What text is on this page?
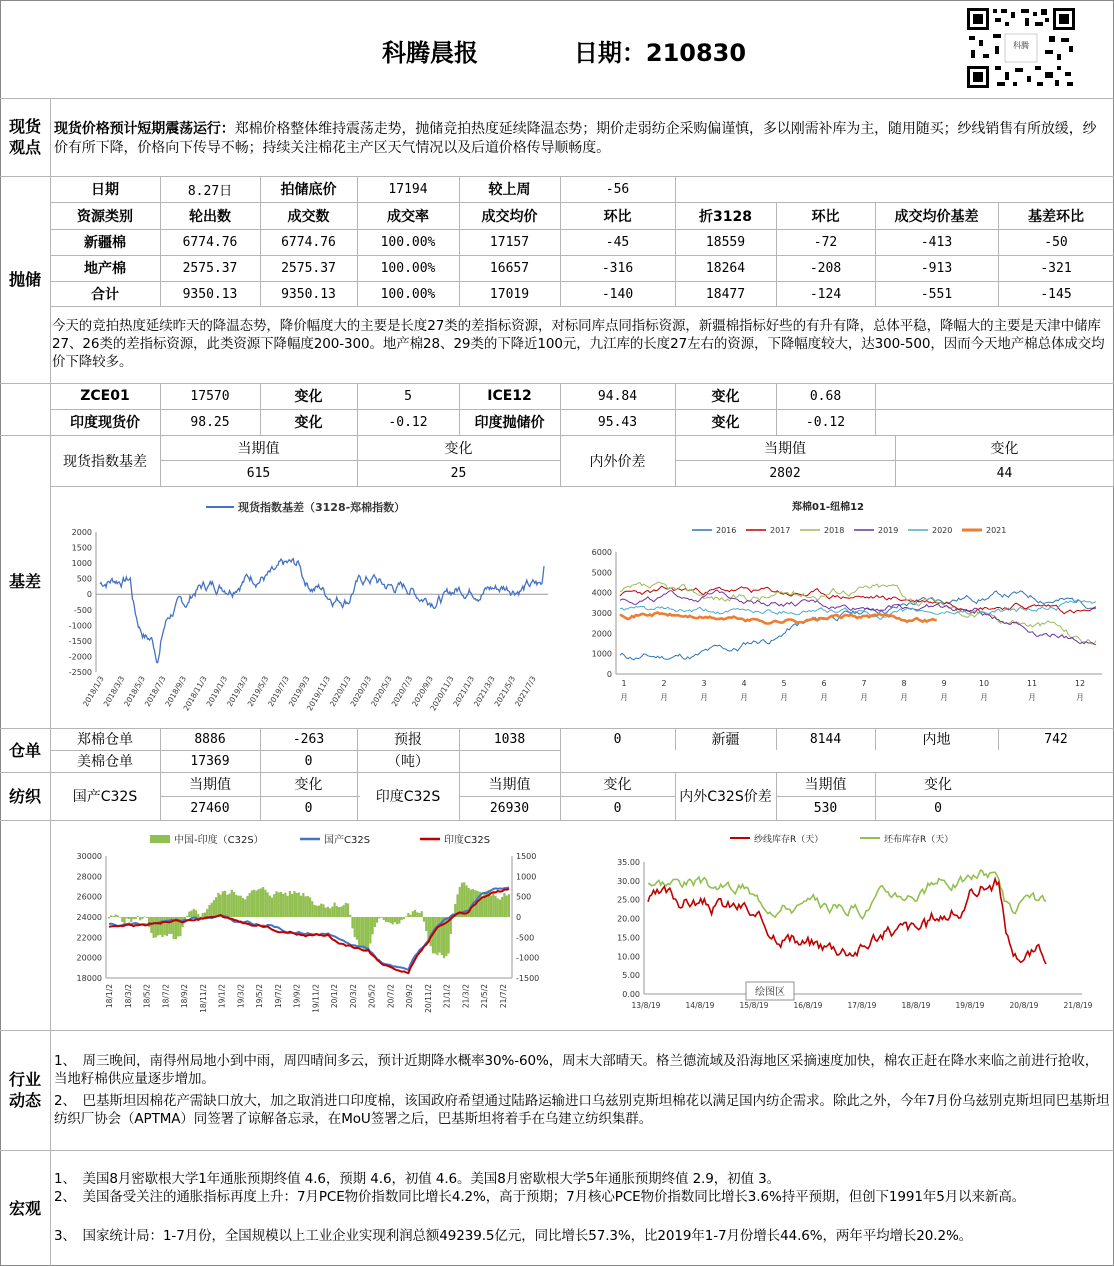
科腾晨报	日期：210830	科腾
现货
观点
现货价格预计短期震荡运行：郑棉价格整体维持震荡走势，抛储竞拍热度延续降温态势；期价走弱纺企采购偏谨慎，多以刚需补库为主，随用随买；纱线销售有所放缓，纱价有所下降，价格向下传导不畅；持续关注棉花主产区天气情况以及后道价格传导顺畅度。
抛储
日期	8.27日	拍储底价	17194	较上周	-56
资源类别	轮出数	成交数	成交率	成交均价	环比	折3128	环比	成交均价基差	基差环比
新疆棉	6774.76	6774.76	100.00%	17157	-45	18559	-72	-413	-50
地产棉	2575.37	2575.37	100.00%	16657	-316	18264	-208	-913	-321
合计	9350.13	9350.13	100.00%	17019	-140	18477	-124	-551	-145
今天的竞拍热度延续昨天的降温态势，降价幅度大的主要是长度27类的差指标资源，对标同库点同指标资源，新疆棉指标好些的有升有降，总体平稳，降幅大的主要是天津中储库27、26类的差指标资源，此类资源下降幅度200-300。地产棉28、29类的下降近100元，九江库的长度27左右的资源，下降幅度较大，达300-500，因而今天地产棉总体成交均价下降较多。
ZCE01	17570	变化	5	ICE12	94.84	变化	0.68
印度现货价	98.25	变化	-0.12	印度抛储价	95.43	变化	-0.12
基差
现货指数基差
当期值	变化
615	25
内外价差
当期值	变化
2802	44
现货指数基差（3128-郑棉指数）
2000
1500
1000
500
0
-500
-1000
-1500
-2000
-2500
2018/1/3
2018/3/3
2018/5/3
2018/7/3
2018/9/3
2018/11/3
2019/1/3
2019/3/3
2019/5/3
2019/7/3
2019/9/3
2019/11/3
2020/1/3
2020/3/3
2020/5/3
2020/7/3
2020/9/3
2020/11/3
2021/1/3
2021/3/3
2021/5/3
2021/7/3
郑棉01-纽棉12
2016	2017	2018	2019	2020	2021
6000
5000
4000
3000
2000
1000
0
1
月
2
月
3
月
4
月
5
月
6
月
7
月
8
月
9
月
10
月
11
月
12
月
仓单
郑棉仓单	8886	-263	预报	1038	0	新疆	8144	内地	742
美棉仓单	17369	0	（吨）
纺织	国产C32S
当期值	变化
27460	0
印度C32S
当期值	变化
26930	0
内外C32S价差
当期值	变化
530	0
中国-印度（C32S）	国产C32S	印度C32S
30000
28000
26000
24000
22000
20000
18000
1500
1000
500
0
-500
-1000
-1500
18/1/2 18/3/2 18/5/2 18/7/2 18/9/2 18/11/2 19/1/2 19/3/2 19/5/2 19/7/2 19/9/2 19/11/2 20/1/2 20/3/2 20/5/2 20/7/2 20/9/2 20/11/2 21/1/2 21/3/2 21/5/2 21/7/2
纱线库存R（天）	坯布库存R（天）
35.00
30.00
25.00
20.00
15.00
10.00
5.00
0.00
13/8/19	14/8/19	15/8/19	16/8/19	17/8/19	18/8/19	19/8/19	20/8/19	21/8/19
绘图区
行业
动态
1、　周三晚间，南得州局地小到中雨，周四晴间多云，预计近期降水概率30%-60%，周末大部晴天。格兰德流域及沿海地区采摘速度加快，棉农正赶在降水来临之前进行抢收，当地籽棉供应量逐步增加。
2、　巴基斯坦因棉花产需缺口放大，加之取消进口印度棉，该国政府希望通过陆路运输进口乌兹别克斯坦棉花以满足国内纺企需求。除此之外，今年7月份乌兹别克斯坦同巴基斯坦纺织厂协会（APTMA）同签署了谅解备忘录，在MoU签署之后，巴基斯坦将着手在乌建立纺织集群。
宏观
1、　美国8月密歇根大学1年通胀预期终值 4.6，预期 4.6，初值 4.6。美国8月密歇根大学5年通胀预期终值 2.9，初值 3。
2、　美国备受关注的通胀指标再度上升：7月PCE物价指数同比增长4.2%，高于预期；7月核心PCE物价指数同比增长3.6%持平预期，但创下1991年5月以来新高。
3、　国家统计局：1-7月份，全国规模以上工业企业实现利润总额49239.5亿元，同比增长57.3%，比2019年1-7月份增长44.6%，两年平均增长20.2%。
